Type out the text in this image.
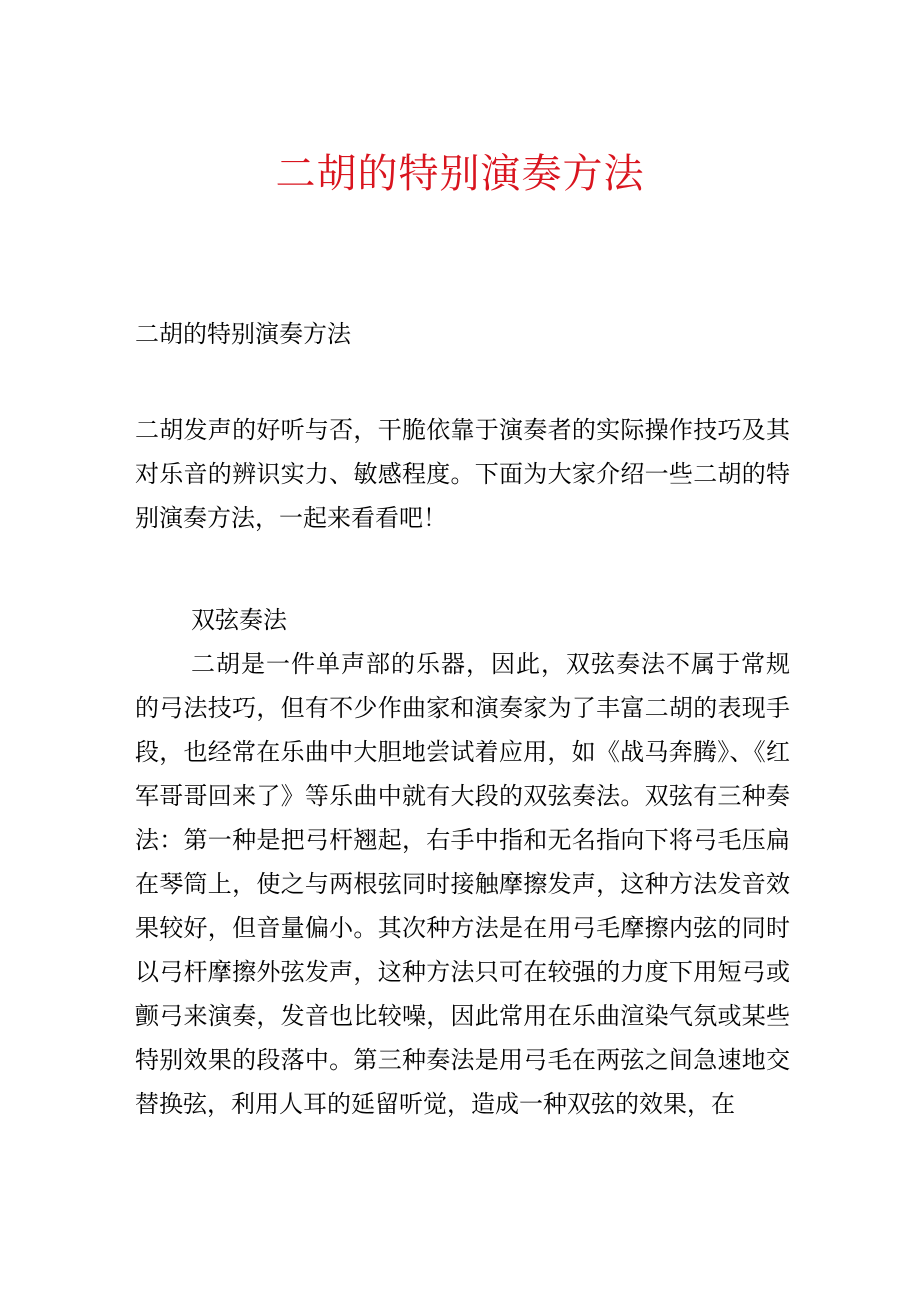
二胡的特别演奏方法

二胡的特别演奏方法

二胡发声的好听与否，干脆依靠于演奏者的实际操作技巧及其对乐音的辨识实力、敏感程度。下面为大家介绍一些二胡的特别演奏方法，一起来看看吧！

双弦奏法

二胡是一件单声部的乐器，因此，双弦奏法不属于常规的弓法技巧，但有不少作曲家和演奏家为了丰富二胡的表现手段，也经常在乐曲中大胆地尝试着应用，如《战马奔腾》、《红军哥哥回来了》等乐曲中就有大段的双弦奏法。双弦有三种奏法：第一种是把弓杆翘起，右手中指和无名指向下将弓毛压扁在琴筒上，使之与两根弦同时接触摩擦发声，这种方法发音效果较好，但音量偏小。其次种方法是在用弓毛摩擦内弦的同时以弓杆摩擦外弦发声，这种方法只可在较强的力度下用短弓或颤弓来演奏，发音也比较噪，因此常用在乐曲渲染气氛或某些特别效果的段落中。第三种奏法是用弓毛在两弦之间急速地交替换弦，利用人耳的延留听觉，造成一种双弦的效果，在
